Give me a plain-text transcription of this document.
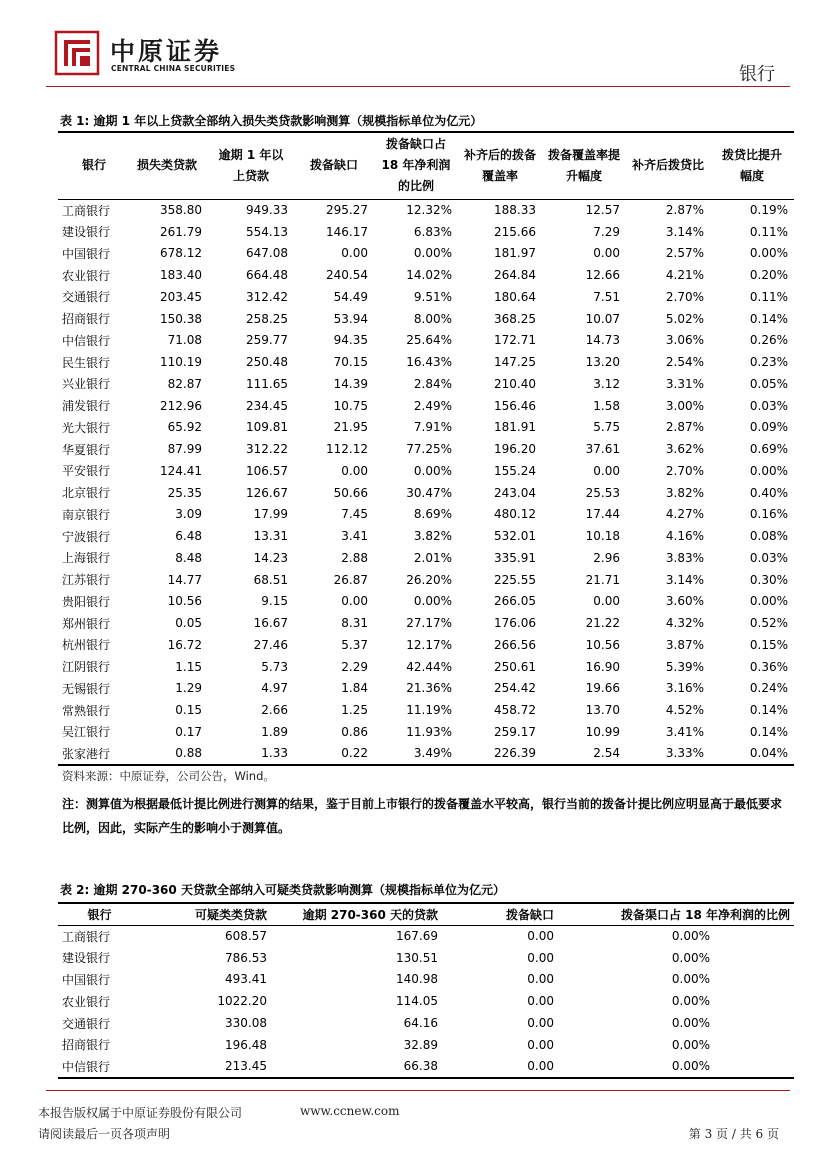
中原证券
CENTRAL CHINA SECURITIES	银行
表 1: 逾期 1 年以上贷款全部纳入损失类贷款影响测算（规模指标单位为亿元）
银行	损失类贷款	逾期 1 年以上贷款	拨备缺口	拨备缺口占 18 年净利润的比例	补齐后的拨备覆盖率	拨备覆盖率提升幅度	补齐后拨贷比	拨贷比提升幅度

工商银行	358.80	949.33	295.27	12.32%	188.33	12.57	2.87%	0.19%
建设银行	261.79	554.13	146.17	6.83%	215.66	7.29	3.14%	0.11%
中国银行	678.12	647.08	0.00	0.00%	181.97	0.00	2.57%	0.00%
农业银行	183.40	664.48	240.54	14.02%	264.84	12.66	4.21%	0.20%
交通银行	203.45	312.42	54.49	9.51%	180.64	7.51	2.70%	0.11%
招商银行	150.38	258.25	53.94	8.00%	368.25	10.07	5.02%	0.14%
中信银行	71.08	259.77	94.35	25.64%	172.71	14.73	3.06%	0.26%
民生银行	110.19	250.48	70.15	16.43%	147.25	13.20	2.54%	0.23%
兴业银行	82.87	111.65	14.39	2.84%	210.40	3.12	3.31%	0.05%
浦发银行	212.96	234.45	10.75	2.49%	156.46	1.58	3.00%	0.03%
光大银行	65.92	109.81	21.95	7.91%	181.91	5.75	2.87%	0.09%
华夏银行	87.99	312.22	112.12	77.25%	196.20	37.61	3.62%	0.69%
平安银行	124.41	106.57	0.00	0.00%	155.24	0.00	2.70%	0.00%
北京银行	25.35	126.67	50.66	30.47%	243.04	25.53	3.82%	0.40%
南京银行	3.09	17.99	7.45	8.69%	480.12	17.44	4.27%	0.16%
宁波银行	6.48	13.31	3.41	3.82%	532.01	10.18	4.16%	0.08%
上海银行	8.48	14.23	2.88	2.01%	335.91	2.96	3.83%	0.03%
江苏银行	14.77	68.51	26.87	26.20%	225.55	21.71	3.14%	0.30%
贵阳银行	10.56	9.15	0.00	0.00%	266.05	0.00	3.60%	0.00%
郑州银行	0.05	16.67	8.31	27.17%	176.06	21.22	4.32%	0.52%
杭州银行	16.72	27.46	5.37	12.17%	266.56	10.56	3.87%	0.15%
江阴银行	1.15	5.73	2.29	42.44%	250.61	16.90	5.39%	0.36%
无锡银行	1.29	4.97	1.84	21.36%	254.42	19.66	3.16%	0.24%
常熟银行	0.15	2.66	1.25	11.19%	458.72	13.70	4.52%	0.14%
吴江银行	0.17	1.89	0.86	11.93%	259.17	10.99	3.41%	0.14%
张家港行	0.88	1.33	0.22	3.49%	226.39	2.54	3.33%	0.04%
资料来源：中原证券，公司公告，Wind。
注：测算值为根据最低计提比例进行测算的结果，鉴于目前上市银行的拨备覆盖水平较高，银行当前的拨备计提比例应明显高于最低要求比例，因此，实际产生的影响小于测算值。
表 2: 逾期 270-360 天贷款全部纳入可疑类贷款影响测算（规模指标单位为亿元）
银行	可疑类类贷款	逾期 270-360 天的贷款	拨备缺口	拨备渠口占 18 年净利润的比例
工商银行	608.57	167.69	0.00	0.00%
建设银行	786.53	130.51	0.00	0.00%
中国银行	493.41	140.98	0.00	0.00%
农业银行	1022.20	114.05	0.00	0.00%
交通银行	330.08	64.16	0.00	0.00%
招商银行	196.48	32.89	0.00	0.00%
中信银行	213.45	66.38	0.00	0.00%
本报告版权属于中原证券股份有限公司	www.ccnew.com
请阅读最后一页各项声明	第 3 页 / 共 6 页
